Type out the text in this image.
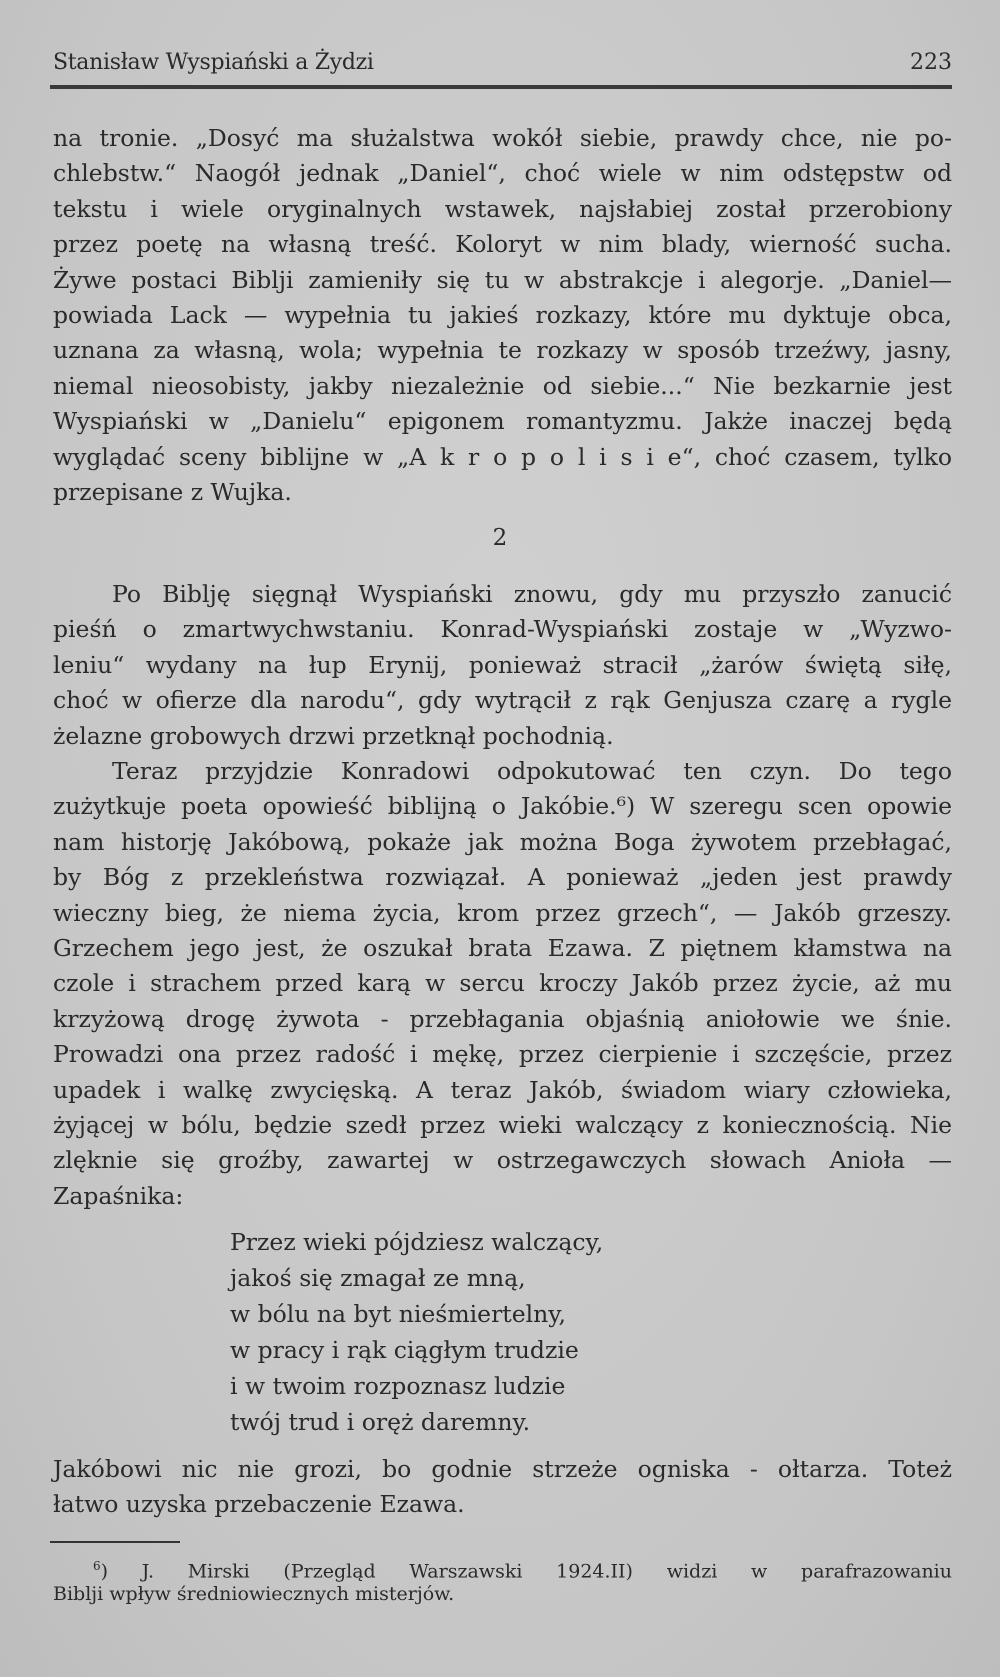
Stanisław Wyspiański a Żydzi	223
na tronie. „Dosyć ma służalstwa wokół siebie, prawdy chce, nie po-
chlebstw.“ Naogół jednak „Daniel“, choć wiele w nim odstępstw od
tekstu i wiele oryginalnych wstawek, najsłabiej został przerobiony
przez poetę na własną treść. Koloryt w nim blady, wierność sucha.
Żywe postaci Biblji zamieniły się tu w abstrakcje i alegorje. „Daniel—
powiada Lack — wypełnia tu jakieś rozkazy, które mu dyktuje obca,
uznana za własną, wola; wypełnia te rozkazy w sposób trzeźwy, jasny,
niemal nieosobisty, jakby niezależnie od siebie...“ Nie bezkarnie jest
Wyspiański w „Danielu“ epigonem romantyzmu. Jakże inaczej będą
wyglądać sceny biblijne w „A k r o p o l i s i e“, choć czasem, tylko
przepisane z Wujka.
2
Po Biblję sięgnął Wyspiański znowu, gdy mu przyszło zanucić
pieśń o zmartwychwstaniu. Konrad-Wyspiański zostaje w „Wyzwo-
leniu“ wydany na łup Erynij, ponieważ stracił „żarów świętą siłę,
choć w ofierze dla narodu“, gdy wytrącił z rąk Genjusza czarę a rygle
żelazne grobowych drzwi przetknął pochodnią.
Teraz przyjdzie Konradowi odpokutować ten czyn. Do tego
zużytkuje poeta opowieść biblijną o Jakóbie.⁶) W szeregu scen opowie
nam historję Jakóbową, pokaże jak można Boga żywotem przebłagać,
by Bóg z przekleństwa rozwiązał. A ponieważ „jeden jest prawdy
wieczny bieg, że niema życia, krom przez grzech“, — Jakób grzeszy.
Grzechem jego jest, że oszukał brata Ezawa. Z piętnem kłamstwa na
czole i strachem przed karą w sercu kroczy Jakób przez życie, aż mu
krzyżową drogę żywota - przebłagania objaśnią aniołowie we śnie.
Prowadzi ona przez radość i mękę, przez cierpienie i szczęście, przez
upadek i walkę zwycięską. A teraz Jakób, świadom wiary człowieka,
żyjącej w bólu, będzie szedł przez wieki walczący z koniecznością. Nie
zlęknie się groźby, zawartej w ostrzegawczych słowach Anioła —
Zapaśnika:
Przez wieki pójdziesz walczący,
jakoś się zmagał ze mną,
w bólu na byt nieśmiertelny,
w pracy i rąk ciągłym trudzie
i w twoim rozpoznasz ludzie
twój trud i oręż daremny.
Jakóbowi nic nie grozi, bo godnie strzeże ogniska - ołtarza. Toteż
łatwo uzyska przebaczenie Ezawa.
$^6$) J. Mirski (Przegląd Warszawski 1924.II) widzi w parafrazowaniu
Biblji wpływ średniowiecznych misterjów.
